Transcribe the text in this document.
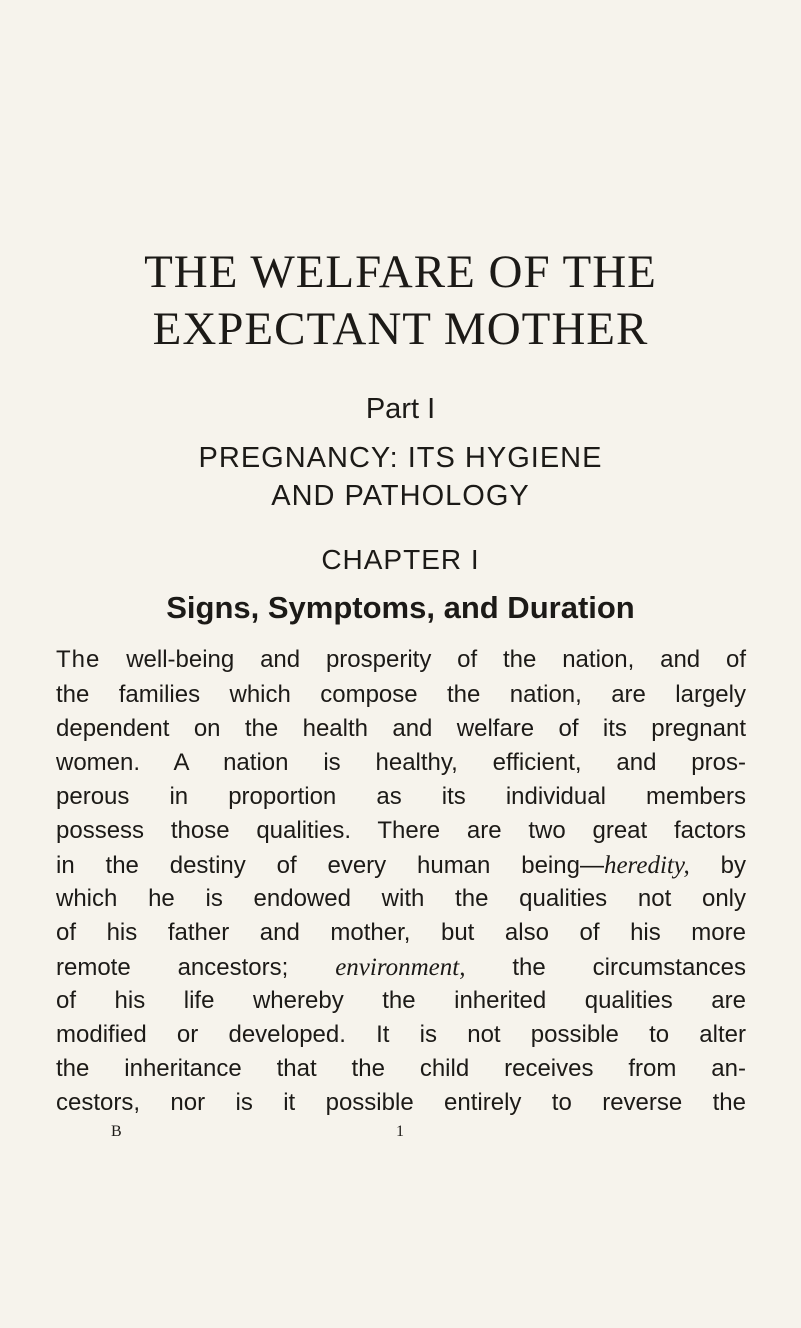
THE WELFARE OF THE
EXPECTANT MOTHER
Part I
PREGNANCY: ITS HYGIENE
AND PATHOLOGY
CHAPTER I
Signs, Symptoms, and Duration
The well-being and prosperity of the nation, and of
the families which compose the nation, are largely
dependent on the health and welfare of its pregnant
women. A nation is healthy, efficient, and pros-
perous in proportion as its individual members
possess those qualities. There are two great factors
in the destiny of every human being—heredity, by
which he is endowed with the qualities not only
of his father and mother, but also of his more
remote ancestors; environment, the circumstances
of his life whereby the inherited qualities are
modified or developed. It is not possible to alter
the inheritance that the child receives from an-
cestors, nor is it possible entirely to reverse the
B	1
